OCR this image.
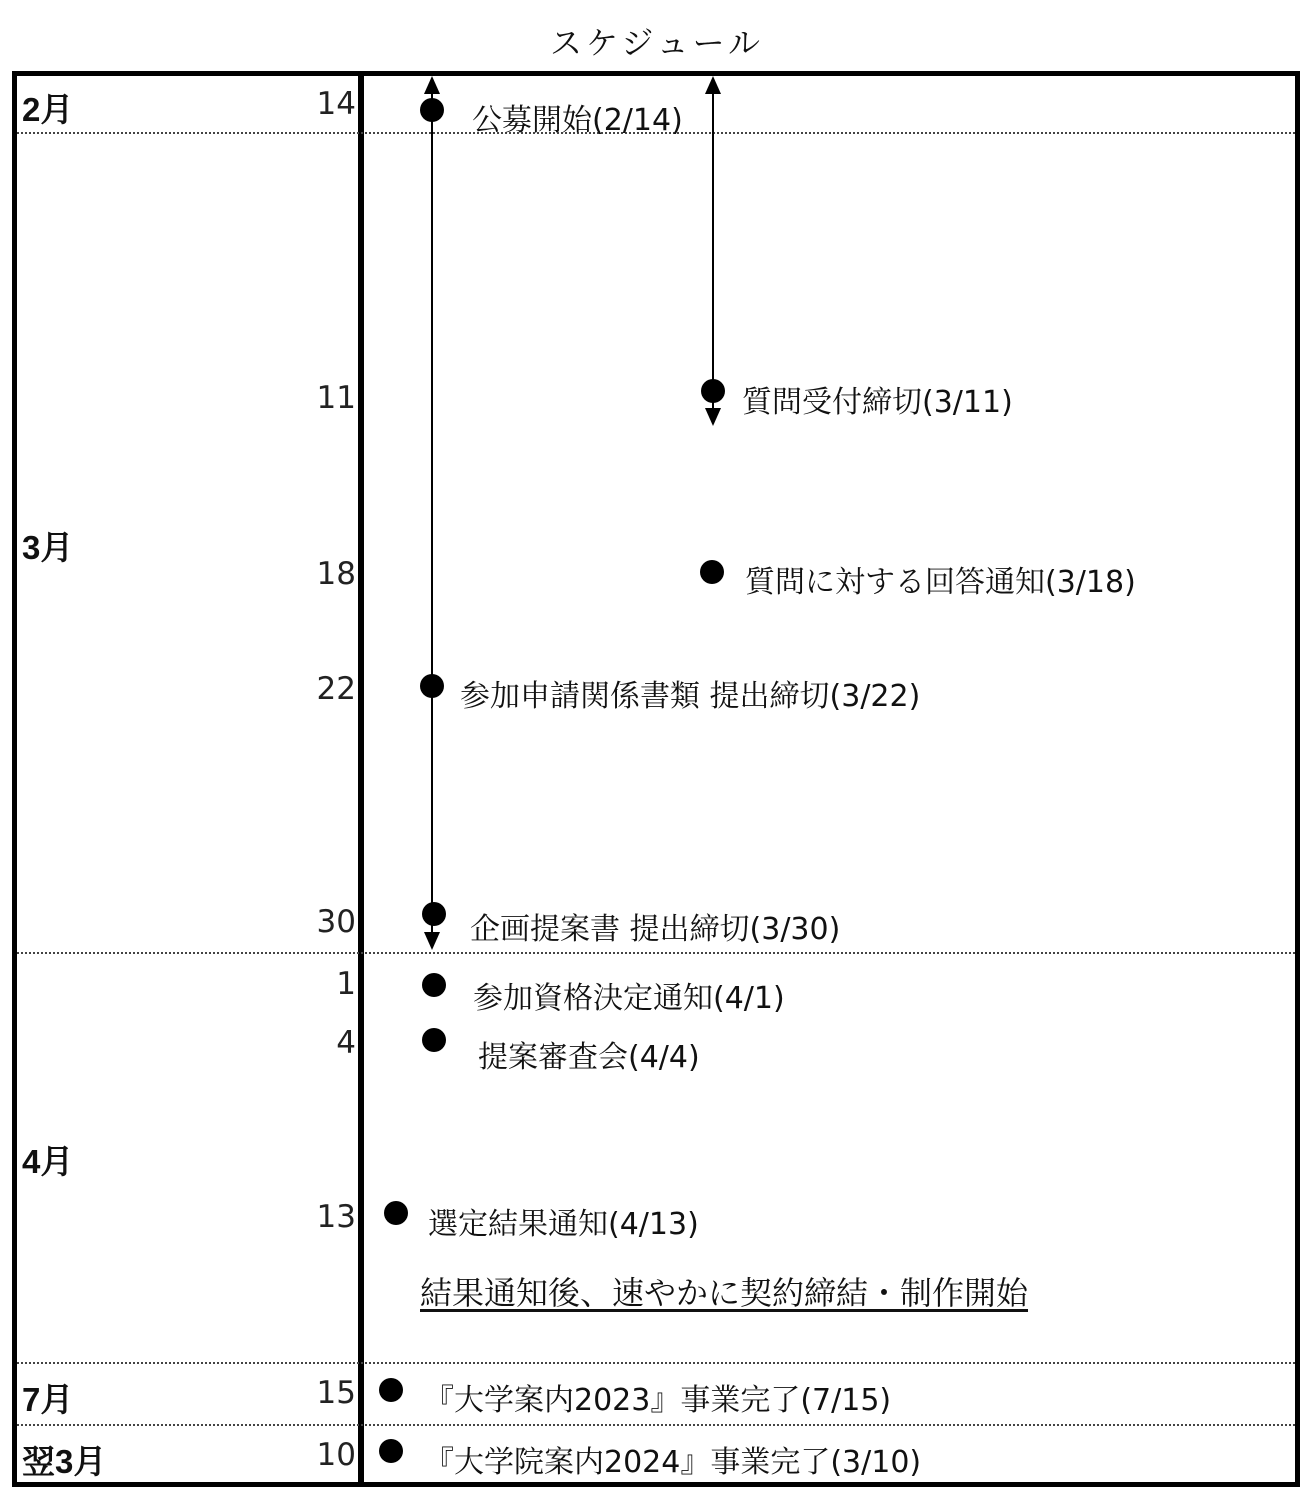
スケジュール
2月
3月
4月
7月
翌3月
14
11
18
22
30
1
4
13
15
10
公募開始(2/14)
質問受付締切(3/11)
質問に対する回答通知(3/18)
参加申請関係書類 提出締切(3/22)
企画提案書 提出締切(3/30)
参加資格決定通知(4/1)
提案審査会(4/4)
選定結果通知(4/13)
『大学案内2023』事業完了(7/15)
『大学院案内2024』事業完了(3/10)
結果通知後、速やかに契約締結・制作開始
